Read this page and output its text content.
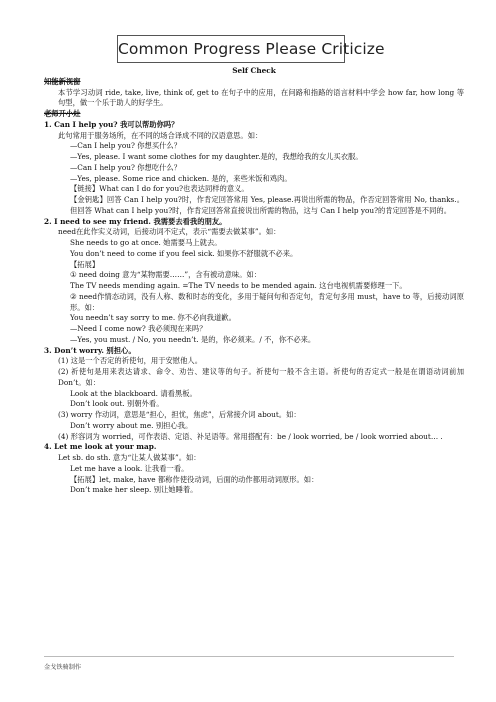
Common Progress Please Criticize
Self Check
知能新视窗
本节学习动词 ride, take, live, think of, get to 在句子中的应用，在问路和指路的语言材料中学会 how far, how long 等句型，做一个乐于助人的好学生。
老师开小灶
1. Can I help you? 我可以帮助你吗？
此句常用于服务场所，在不同的场合译成不同的汉语意思。如：
—Can I help you? 你想买什么？
—Yes, please. I want some clothes for my daughter.是的，我想给我的女儿买衣服。
—Can I help you? 你想吃什么？
—Yes, please. Some rice and chicken. 是的，来些米饭和鸡肉。
【链接】What can I do for you?也表达同样的意义。
【金钥匙】回答 Can I help you?时，作肯定回答常用 Yes, please.再说出所需的物品，作否定回答常用 No, thanks.。但回答 What can I help you?时，作肯定回答常直接说出所需的物品，这与 Can I help you?的肯定回答是不同的。
2. I need to see my friend. 我需要去看我的朋友。
need在此作实义动词，后接动词不定式，表示“需要去做某事”。如：
She needs to go at once. 她需要马上就去。
You don’t need to come if you feel sick. 如果你不舒服就不必来。
【拓展】
① need doing 意为“某物需要……”，含有被动意味。如：
The TV needs mending again. =The TV needs to be mended again. 这台电视机需要修理一下。
② need作情态动词，没有人称、数和时态的变化，多用于疑问句和否定句，肯定句多用 must，have to 等，后接动词原形。如：
You needn’t say sorry to me. 你不必向我道歉。
—Need I come now? 我必须现在来吗？
—Yes, you must. / No, you needn’t. 是的，你必须来。/ 不，你不必来。
3. Don’t worry. 别担心。
(1) 这是一个否定的祈使句，用于安慰他人。
(2) 祈使句是用来表达请求、命令、劝告、建议等的句子。祈使句一般不含主语。祈使句的否定式一般是在谓语动词前加 Don’t。如：
Look at the blackboard. 请看黑板。
Don’t look out. 别朝外看。
(3) worry 作动词，意思是“担心，担忧，焦虑”，后常接介词 about。如：
Don’t worry about me. 别担心我。
(4) 形容词为 worried，可作表语、定语、补足语等。常用搭配有：be / look worried, be / look worried about… .
4. Let me look at your map.
Let sb. do sth. 意为“让某人做某事”。如：
Let me have a look. 让我看一看。
【拓展】let, make, have 都称作使役动词，后面的动作都用动词原形。如：
Don’t make her sleep. 别让她睡着。
金戈铁骑制作
